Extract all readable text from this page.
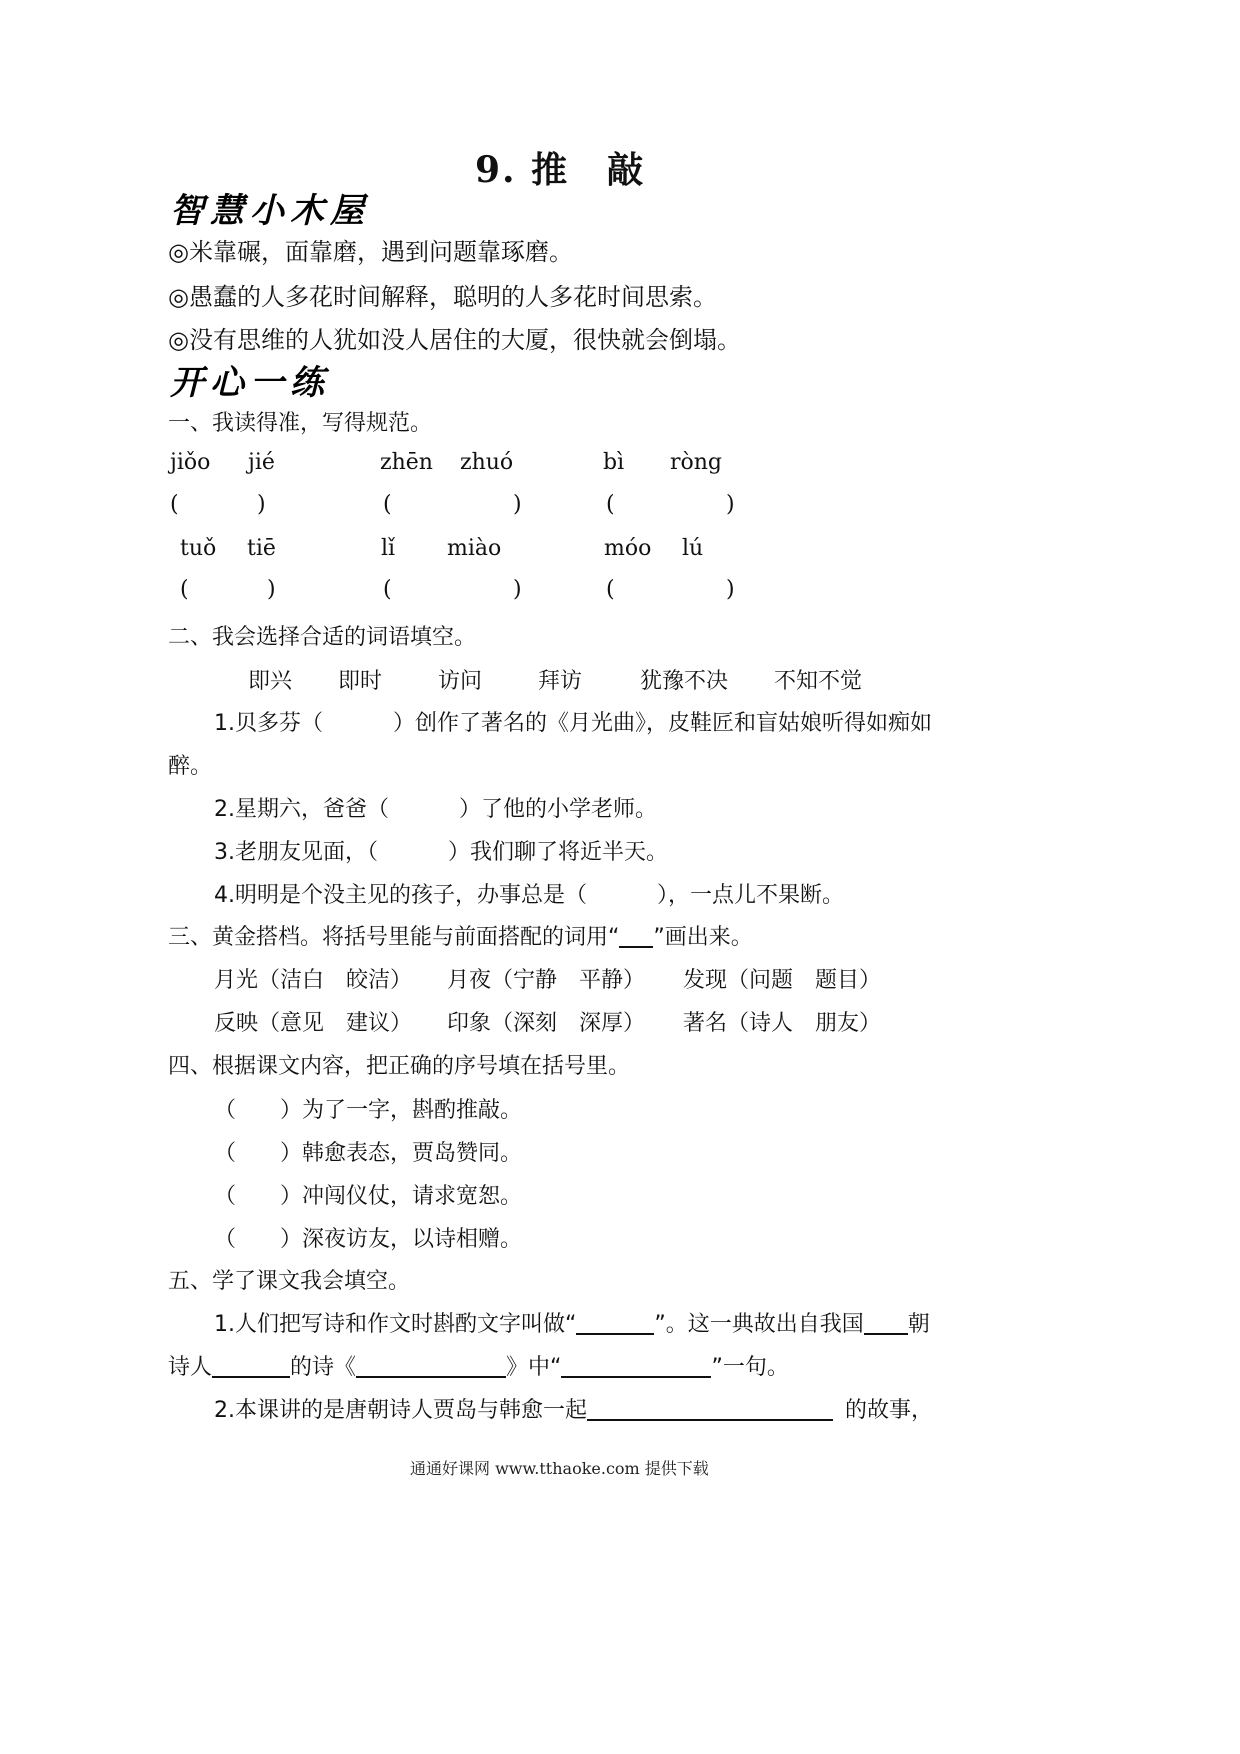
9. 推　敲
智慧小木屋
◎米靠碾，面靠磨，遇到问题靠琢磨。
◎愚蠢的人多花时间解释，聪明的人多花时间思索。
◎没有思维的人犹如没人居住的大厦，很快就会倒塌。
开心一练
一、我读得准，写得规范。
jiǒo jié	zhēn zhuó	bì ròng
(	)	(	)	(	)
tuǒ tiē	lǐ miào	móo lú
(	)	(	)	(	)
二、我会选择合适的词语填空。
即兴 即时	访问	拜访	犹豫不决 不知不觉
1.贝多芬（	）创作了著名的《月光曲》，皮鞋匠和盲姑娘听得如痴如
醉。
2.星期六，爸爸（	）了他的小学老师。
3.老朋友见面，（	）我们聊了将近半天。
4.明明是个没主见的孩子，办事总是（	），一点儿不果断。
三、黄金搭档。将括号里能与前面搭配的词用“ ”画出来。
月光（洁白　皎洁） 月夜（宁静　平静） 发现（问题　题目）
反映（意见　建议） 印象（深刻　深厚） 著名（诗人　朋友）
四、根据课文内容，把正确的序号填在括号里。
（　　）为了一字，斟酌推敲。
（　　）韩愈表态，贾岛赞同。
（　　）冲闯仪仗，请求宽恕。
（　　）深夜访友，以诗相赠。
五、学了课文我会填空。
1.人们把写诗和作文时斟酌文字叫做“	”。这一典故出自我国 朝
诗人	的诗《	》中“	”一句。
2.本课讲的是唐朝诗人贾岛与韩愈一起	的故事，
通通好课网 www.tthaoke.com 提供下载
